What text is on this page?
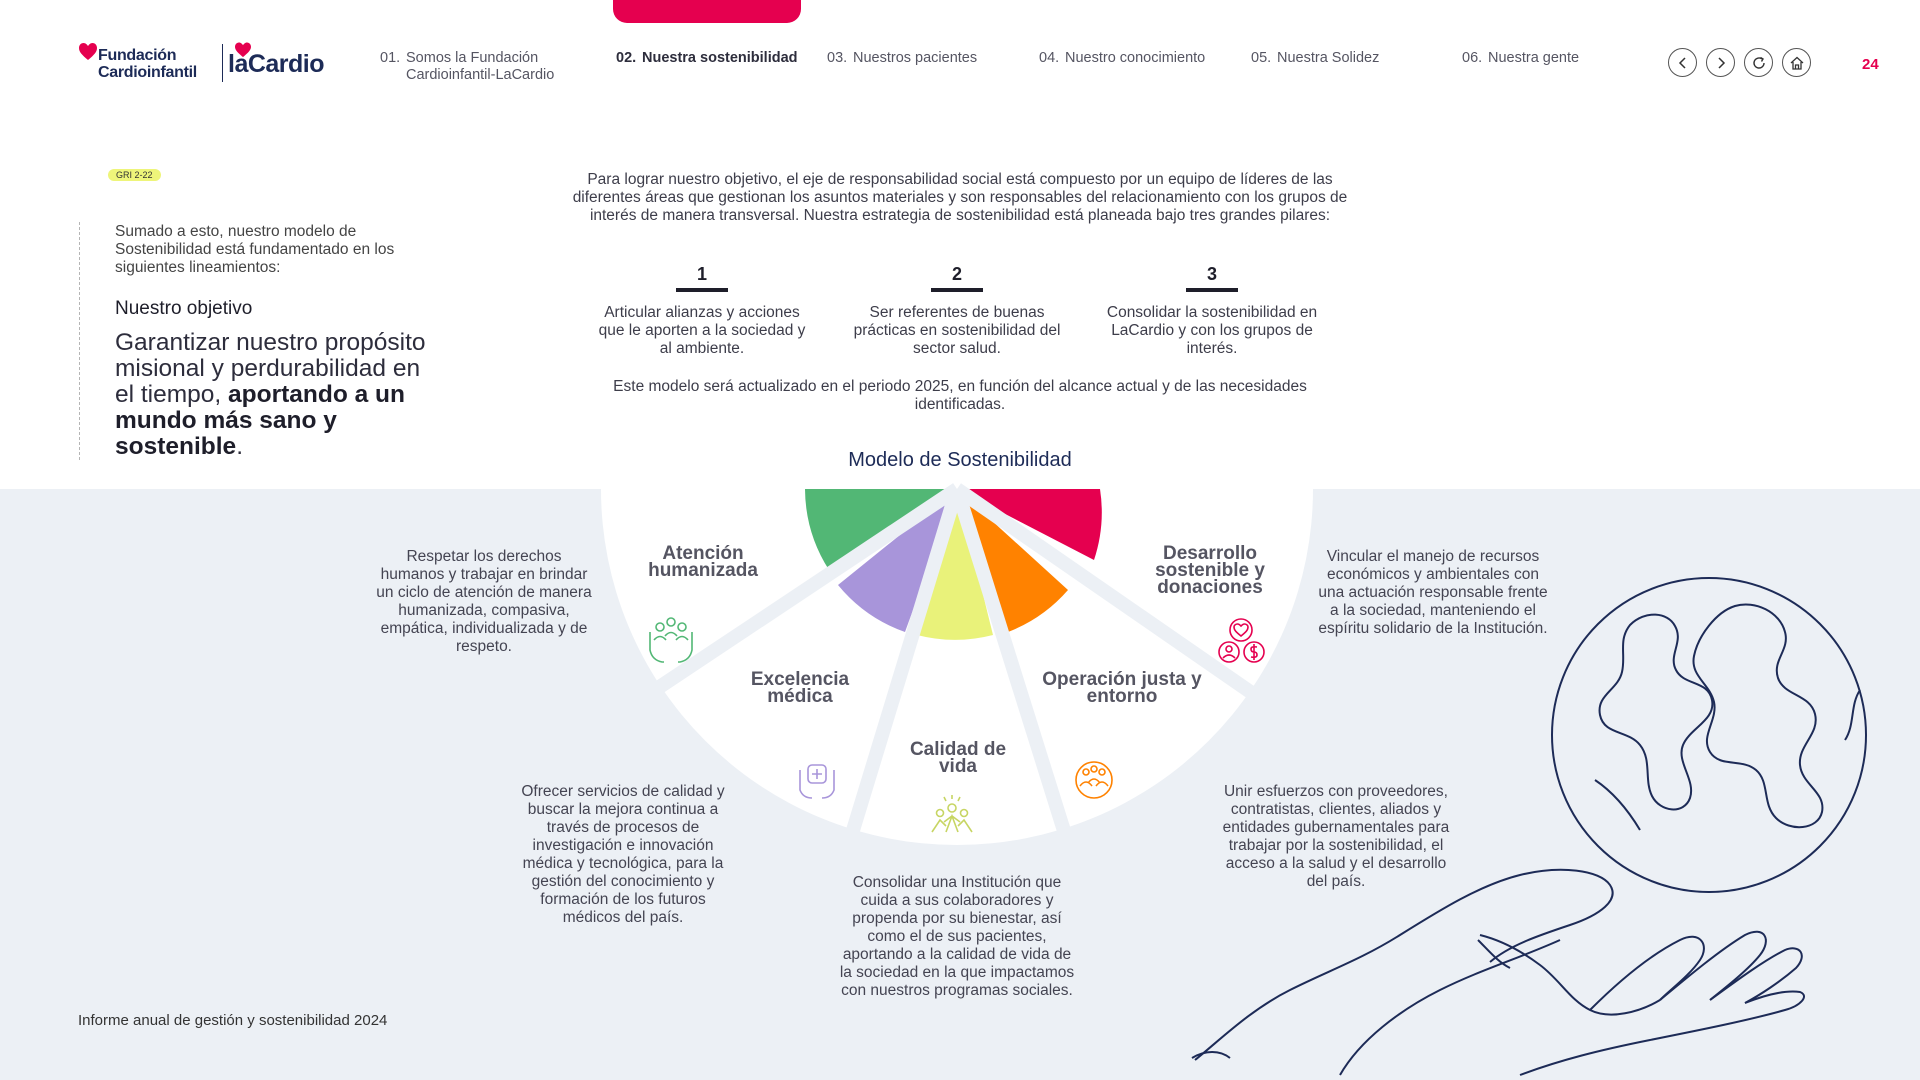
Fundación
Cardioinfantil laCardio	01. Somos la Fundación
Cardioinfantil-LaCardio
02. Nuestra sostenibilidad 03. Nuestros pacientes	04. Nuestro conocimiento	05. Nuestra Solidez	06. Nuestra gente	24
GRI 2-22
Sumado a esto, nuestro modelo de Sostenibilidad está fundamentado en los siguientes lineamientos:
Nuestro objetivo
Garantizar nuestro propósito misional y perdurabilidad en el tiempo, aportando a un mundo más sano y sostenible.
Para lograr nuestro objetivo, el eje de responsabilidad social está compuesto por un equipo de líderes de las diferentes áreas que gestionan los asuntos materiales y son responsables del relacionamiento con los grupos de interés de manera transversal. Nuestra estrategia de sostenibilidad está planeada bajo tres grandes pilares:
1
Articular alianzas y acciones que le aporten a la sociedad y al ambiente.
2
Ser referentes de buenas prácticas en sostenibilidad del sector salud.
3
Consolidar la sostenibilidad en LaCardio y con los grupos de interés.
Este modelo será actualizado en el periodo 2025, en función del alcance actual y de las necesidades identificadas.
Modelo de Sostenibilidad
Atención humanizada
Excelencia médica
Calidad de vida
Operación justa y entorno
Desarrollo sostenible y donaciones
Respetar los derechos humanos y trabajar en brindar un ciclo de atención de manera humanizada, compasiva, empática, individualizada y de respeto.
Ofrecer servicios de calidad y buscar la mejora continua a través de procesos de investigación e innovación médica y tecnológica, para la gestión del conocimiento y formación de los futuros médicos del país.
Consolidar una Institución que cuida a sus colaboradores y propenda por su bienestar, así como el de sus pacientes, aportando a la calidad de vida de la sociedad en la que impactamos con nuestros programas sociales.
Unir esfuerzos con proveedores, contratistas, clientes, aliados y entidades gubernamentales para trabajar por la sostenibilidad, el acceso a la salud y el desarrollo del país.
Vincular el manejo de recursos económicos y ambientales con una actuación responsable frente a la sociedad, manteniendo el espíritu solidario de la Institución.
Informe anual de gestión y sostenibilidad 2024
